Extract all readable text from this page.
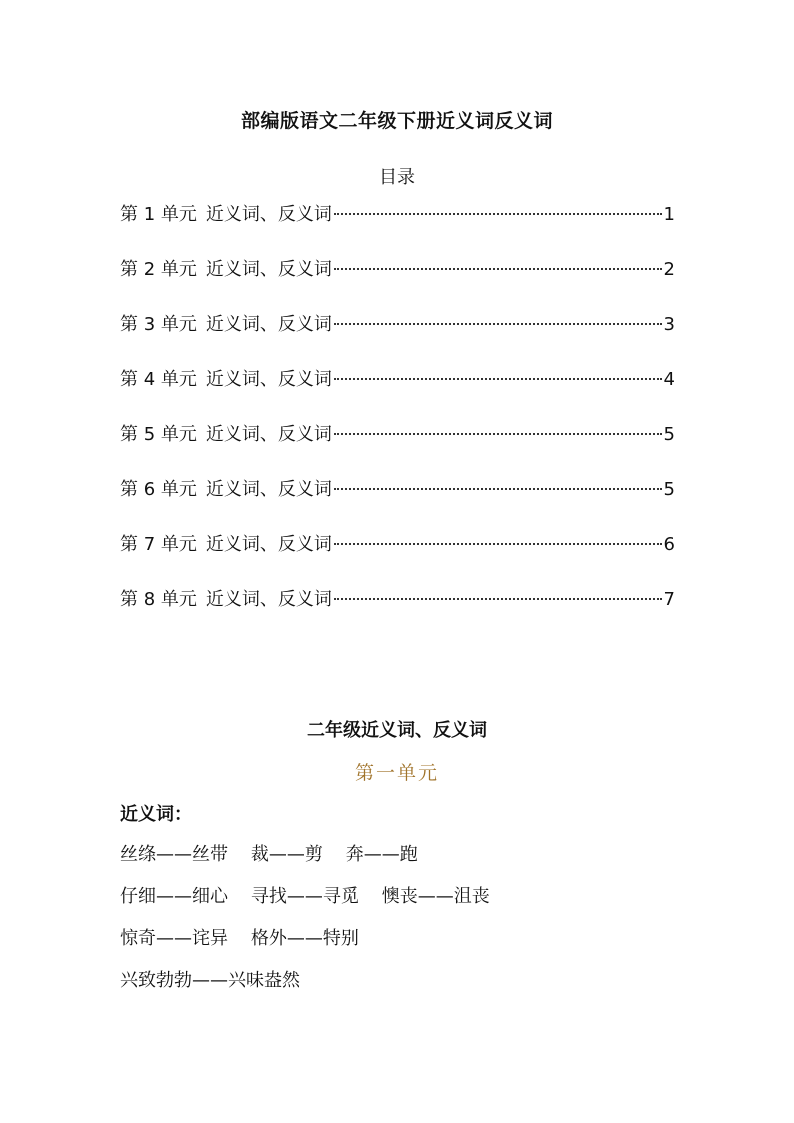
部编版语文二年级下册近义词反义词
目录
第 1 单元 近义词、反义词	1
第 2 单元 近义词、反义词	2
第 3 单元 近义词、反义词	3
第 4 单元 近义词、反义词	4
第 5 单元 近义词、反义词	5
第 6 单元 近义词、反义词	5
第 7 单元 近义词、反义词	6
第 8 单元 近义词、反义词	7
二年级近义词、反义词
第一单元
近义词：
丝绦——丝带    裁——剪    奔——跑
仔细——细心    寻找——寻觅    懊丧——沮丧
惊奇——诧异    格外——特别
兴致勃勃——兴味盎然
